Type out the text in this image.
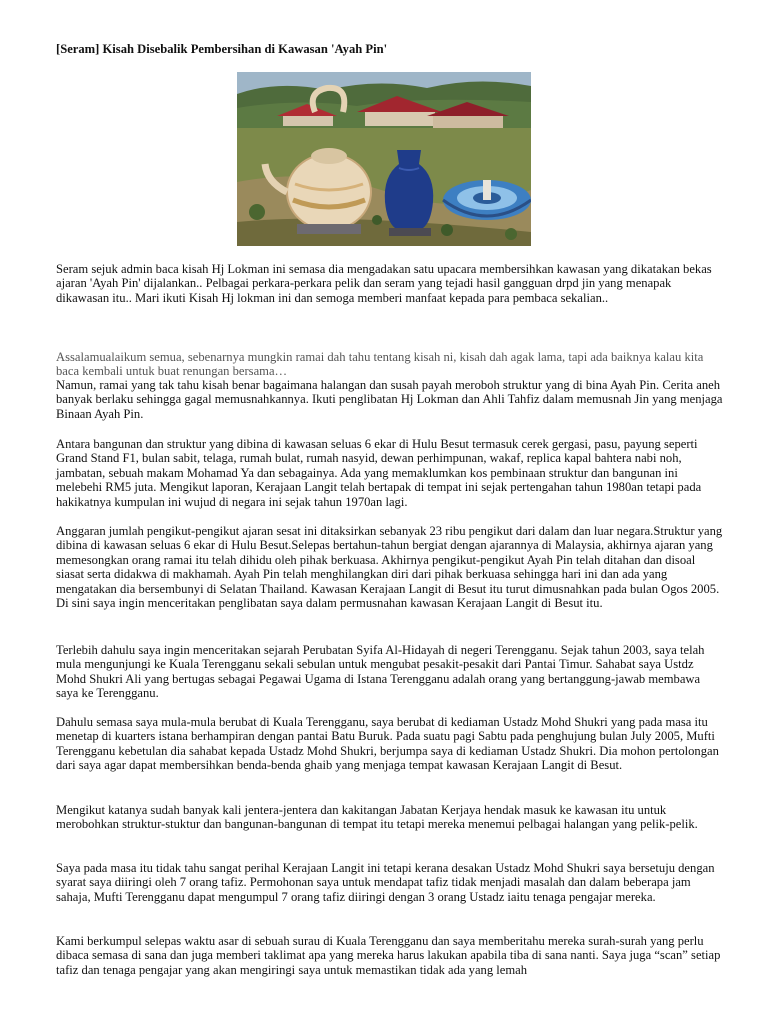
[Seram] Kisah Disebalik Pembersihan di Kawasan 'Ayah Pin'

Seram sejuk admin baca kisah Hj Lokman ini semasa dia mengadakan satu upacara membersihkan kawasan yang dikatakan bekas ajaran 'Ayah Pin' dijalankan.. Pelbagai perkara-perkara pelik dan seram yang tejadi hasil gangguan drpd jin yang menapak dikawasan itu.. Mari ikuti Kisah Hj lokman ini dan semoga memberi manfaat kepada para pembaca sekalian..

Assalamualaikum semua, sebenarnya mungkin ramai dah tahu tentang kisah ni, kisah dah agak lama, tapi ada baiknya kalau kita baca kembali untuk buat renungan bersama…

Namun, ramai yang tak tahu kisah benar bagaimana halangan dan susah payah meroboh struktur yang di bina Ayah Pin. Cerita aneh banyak berlaku sehingga gagal memusnahkannya. Ikuti penglibatan Hj Lokman dan Ahli Tahfiz dalam memusnah Jin yang menjaga Binaan Ayah Pin.

Antara bangunan dan struktur yang dibina di kawasan seluas 6 ekar di Hulu Besut termasuk cerek gergasi, pasu, payung seperti Grand Stand F1, bulan sabit, telaga, rumah bulat, rumah nasyid, dewan perhimpunan, wakaf, replica kapal bahtera nabi noh, jambatan, sebuah makam Mohamad Ya dan sebagainya. Ada yang memaklumkan kos pembinaan struktur dan bangunan ini melebehi RM5 juta. Mengikut laporan, Kerajaan Langit telah bertapak di tempat ini sejak pertengahan tahun 1980an tetapi pada hakikatnya kumpulan ini wujud di negara ini sejak tahun 1970an lagi.

Anggaran jumlah pengikut-pengikut ajaran sesat ini ditaksirkan sebanyak 23 ribu pengikut dari dalam dan luar negara.Struktur yang dibina di kawasan seluas 6 ekar di Hulu Besut.Selepas bertahun-tahun bergiat dengan ajarannya di Malaysia, akhirnya ajaran yang memesongkan orang ramai itu telah dihidu oleh pihak berkuasa. Akhirnya pengikut-pengikut Ayah Pin telah ditahan dan disoal siasat serta didakwa di makhamah. Ayah Pin telah menghilangkan diri dari pihak berkuasa sehingga hari ini dan ada yang mengatakan dia bersembunyi di Selatan Thailand. Kawasan Kerajaan Langit di Besut itu turut dimusnahkan pada bulan Ogos 2005. Di sini saya ingin menceritakan penglibatan saya dalam permusnahan kawasan Kerajaan Langit di Besut itu.

Terlebih dahulu saya ingin menceritakan sejarah Perubatan Syifa Al-Hidayah di negeri Terengganu. Sejak tahun 2003, saya telah mula mengunjungi ke Kuala Terengganu sekali sebulan untuk mengubat pesakit-pesakit dari Pantai Timur. Sahabat saya Ustdz Mohd Shukri Ali yang bertugas sebagai Pegawai Ugama di Istana Terengganu adalah orang yang bertanggung-jawab membawa saya ke Terengganu.

Dahulu semasa saya mula-mula berubat di Kuala Terengganu, saya berubat di kediaman Ustadz Mohd Shukri yang pada masa itu menetap di kuarters istana berhampiran dengan pantai Batu Buruk. Pada suatu pagi Sabtu pada penghujung bulan July 2005, Mufti Terengganu kebetulan dia sahabat kepada Ustadz Mohd Shukri, berjumpa saya di kediaman Ustadz Shukri. Dia mohon pertolongan dari saya agar dapat membersihkan benda-benda ghaib yang menjaga tempat kawasan Kerajaan Langit di Besut.

Mengikut katanya sudah banyak kali jentera-jentera dan kakitangan Jabatan Kerjaya hendak masuk ke kawasan itu untuk merobohkan struktur-stuktur dan bangunan-bangunan di tempat itu tetapi mereka menemui pelbagai halangan yang pelik-pelik.

Saya pada masa itu tidak tahu sangat perihal Kerajaan Langit ini tetapi kerana desakan Ustadz Mohd Shukri saya bersetuju dengan syarat saya diiringi oleh 7 orang tafiz. Permohonan saya untuk mendapat tafiz tidak menjadi masalah dan dalam beberapa jam sahaja, Mufti Terengganu dapat mengumpul 7 orang tafiz diiringi dengan 3 orang Ustadz iaitu tenaga pengajar mereka.

Kami berkumpul selepas waktu asar di sebuah surau di Kuala Terengganu dan saya memberitahu mereka surah-surah yang perlu dibaca semasa di sana dan juga memberi taklimat apa yang mereka harus lakukan apabila tiba di sana nanti. Saya juga “scan” setiap tafiz dan tenaga pengajar yang akan mengiringi saya untuk memastikan tidak ada yang lemah
